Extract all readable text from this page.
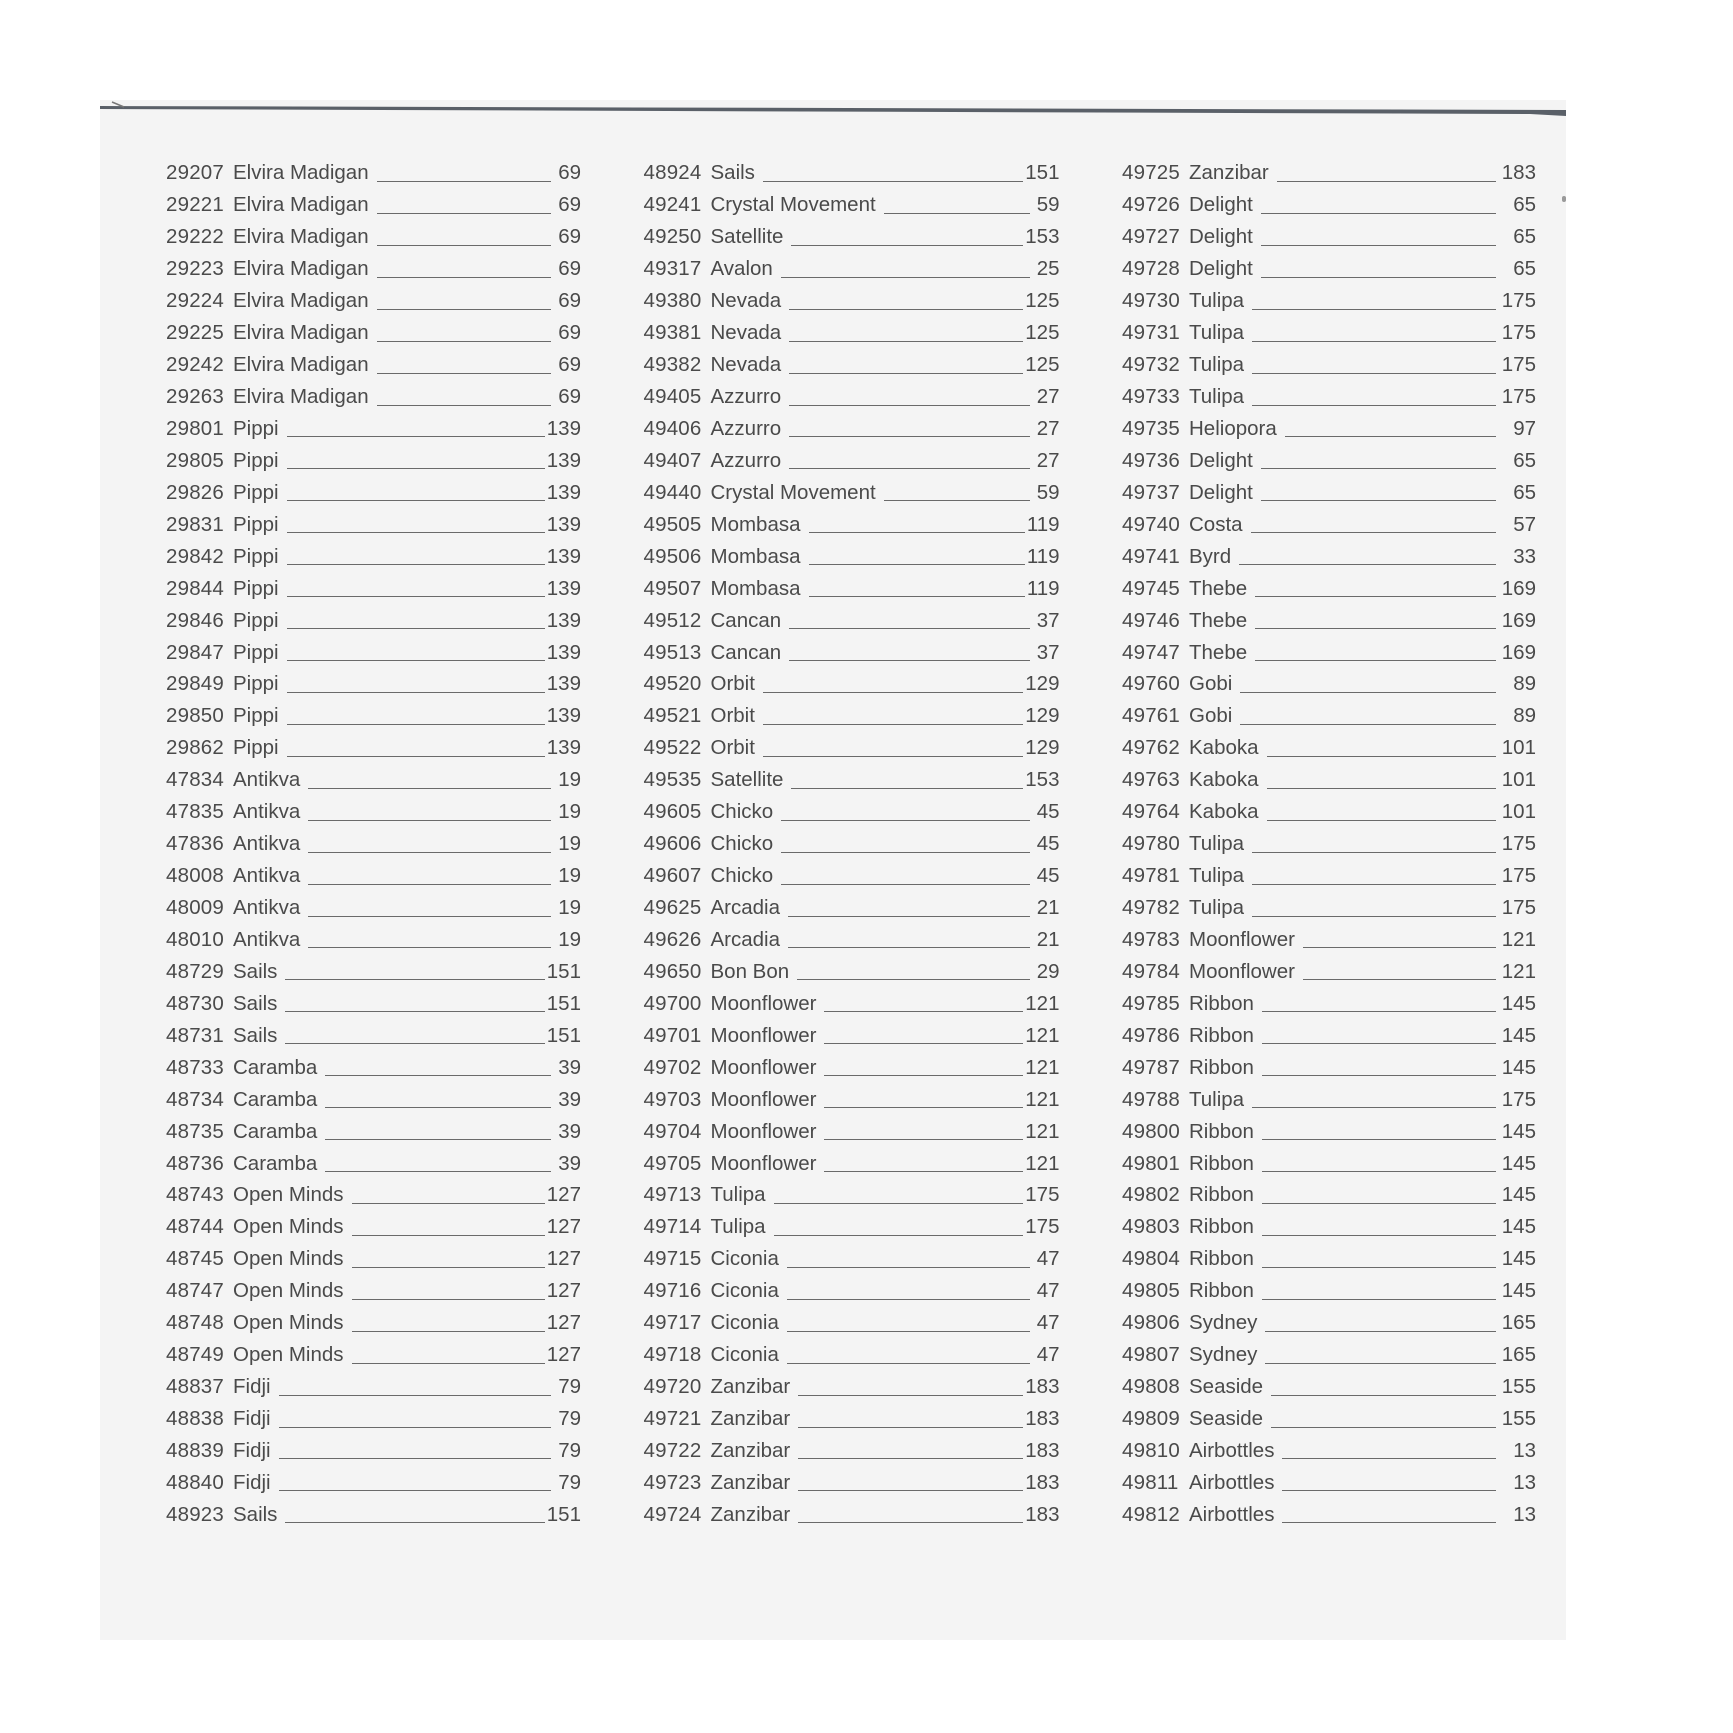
29207 Elvira Madigan	69
29221 Elvira Madigan	69
29222 Elvira Madigan	69
29223 Elvira Madigan	69
29224 Elvira Madigan	69
29225 Elvira Madigan	69
29242 Elvira Madigan	69
29263 Elvira Madigan	69
29801 Pippi	139
29805 Pippi	139
29826 Pippi	139
29831 Pippi	139
29842 Pippi	139
29844 Pippi	139
29846 Pippi	139
29847 Pippi	139
29849 Pippi	139
29850 Pippi	139
29862 Pippi	139
47834 Antikva	19
47835 Antikva	19
47836 Antikva	19
48008 Antikva	19
48009 Antikva	19
48010 Antikva	19
48729 Sails	151
48730 Sails	151
48731 Sails	151
48733 Caramba	39
48734 Caramba	39
48735 Caramba	39
48736 Caramba	39
48743 Open Minds	127
48744 Open Minds	127
48745 Open Minds	127
48747 Open Minds	127
48748 Open Minds	127
48749 Open Minds	127
48837 Fidji	79
48838 Fidji	79
48839 Fidji	79
48840 Fidji	79
48923 Sails	151
48924 Sails	151
49241 Crystal Movement	59
49250 Satellite	153
49317 Avalon	25
49380 Nevada	125
49381 Nevada	125
49382 Nevada	125
49405 Azzurro	27
49406 Azzurro	27
49407 Azzurro	27
49440 Crystal Movement	59
49505 Mombasa	119
49506 Mombasa	119
49507 Mombasa	119
49512 Cancan	37
49513 Cancan	37
49520 Orbit	129
49521 Orbit	129
49522 Orbit	129
49535 Satellite	153
49605 Chicko	45
49606 Chicko	45
49607 Chicko	45
49625 Arcadia	21
49626 Arcadia	21
49650 Bon Bon	29
49700 Moonflower	121
49701 Moonflower	121
49702 Moonflower	121
49703 Moonflower	121
49704 Moonflower	121
49705 Moonflower	121
49713 Tulipa	175
49714 Tulipa	175
49715 Ciconia	47
49716 Ciconia	47
49717 Ciconia	47
49718 Ciconia	47
49720 Zanzibar	183
49721 Zanzibar	183
49722 Zanzibar	183
49723 Zanzibar	183
49724 Zanzibar	183
49725 Zanzibar	183
49726 Delight	65
49727 Delight	65
49728 Delight	65
49730 Tulipa	175
49731 Tulipa	175
49732 Tulipa	175
49733 Tulipa	175
49735 Heliopora	97
49736 Delight	65
49737 Delight	65
49740 Costa	57
49741 Byrd	33
49745 Thebe	169
49746 Thebe	169
49747 Thebe	169
49760 Gobi	89
49761 Gobi	89
49762 Kaboka	101
49763 Kaboka	101
49764 Kaboka	101
49780 Tulipa	175
49781 Tulipa	175
49782 Tulipa	175
49783 Moonflower	121
49784 Moonflower	121
49785 Ribbon	145
49786 Ribbon	145
49787 Ribbon	145
49788 Tulipa	175
49800 Ribbon	145
49801 Ribbon	145
49802 Ribbon	145
49803 Ribbon	145
49804 Ribbon	145
49805 Ribbon	145
49806 Sydney	165
49807 Sydney	165
49808 Seaside	155
49809 Seaside	155
49810 Airbottles	13
49811 Airbottles	13
49812 Airbottles	13
